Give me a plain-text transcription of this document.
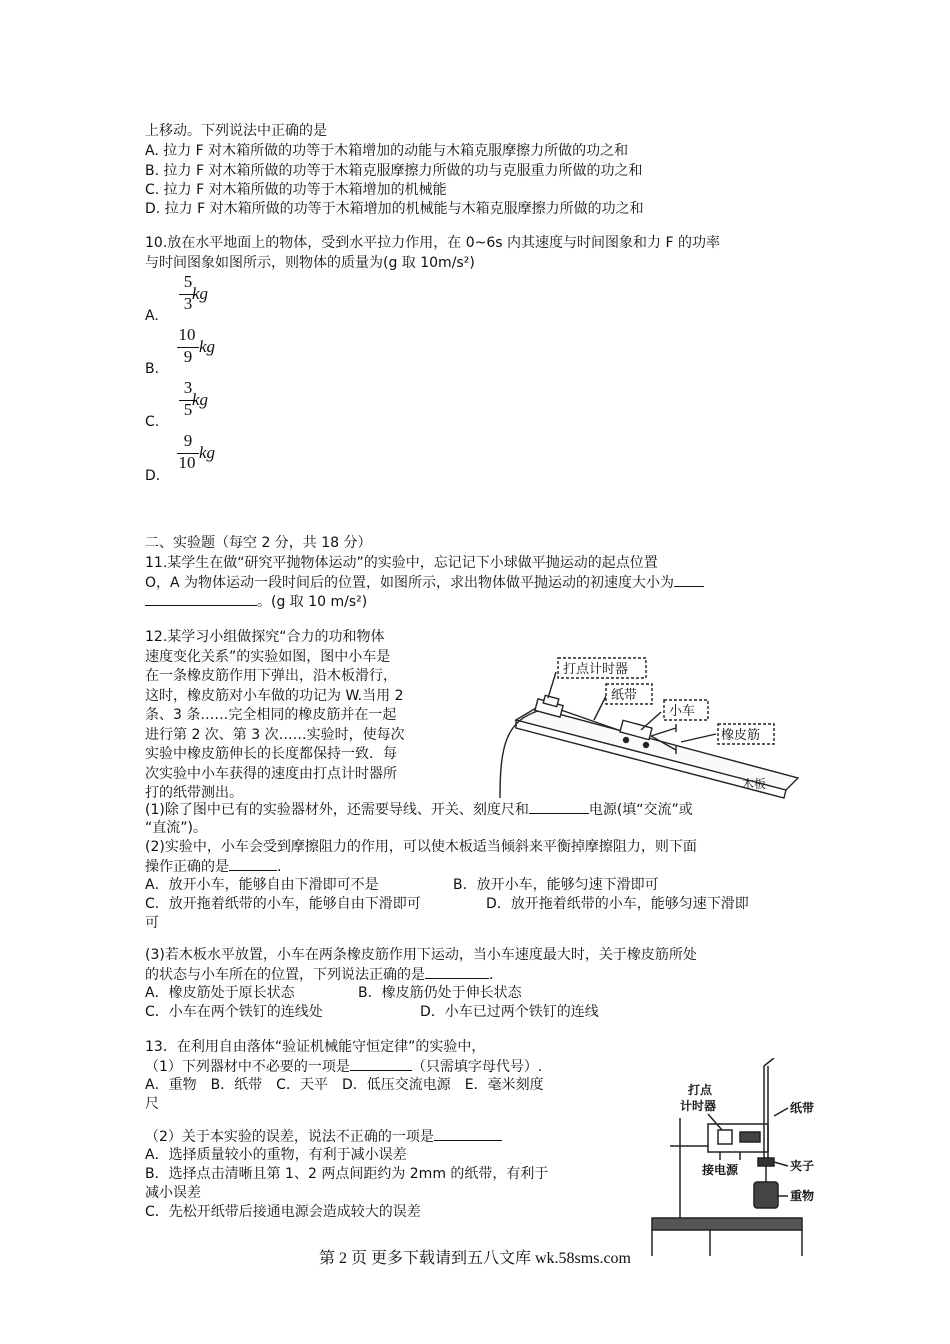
上移动。下列说法中正确的是
A. 拉力 F 对木箱所做的功等于木箱增加的动能与木箱克服摩擦力所做的功之和
B. 拉力 F 对木箱所做的功等于木箱克服摩擦力所做的功与克服重力所做的功之和
C. 拉力 F 对木箱所做的功等于木箱增加的机械能
D. 拉力 F 对木箱所做的功等于木箱增加的机械能与木箱克服摩擦力所做的功之和
10.放在水平地面上的物体，受到水平拉力作用，在 0~6s 内其速度与时间图象和力 F 的功率
与时间图象如图所示，则物体的质量为(g 取 10m/s²)
A.
5
3
kg
B.
10
9
kg
C.
3
5
kg
D.
9
10
kg
二、实验题（每空 2 分，共 18 分）
11.某学生在做“研究平抛物体运动”的实验中，忘记记下小球做平抛运动的起点位置
O，A 为物体运动一段时间后的位置，如图所示，求出物体做平抛运动的初速度大小为
。(g 取 10 m/s²)
12.某学习小组做探究“合力的功和物体
速度变化关系”的实验如图，图中小车是
在一条橡皮筋作用下弹出，沿木板滑行，
这时，橡皮筋对小车做的功记为 W.当用 2
条、3 条……完全相同的橡皮筋并在一起
进行第 2 次、第 3 次……实验时，使每次
实验中橡皮筋伸长的长度都保持一致．每
次实验中小车获得的速度由打点计时器所
打的纸带测出。
打点计时器
纸带
小车
橡皮筋
木板
(1)除了图中已有的实验器材外，还需要导线、开关、刻度尺和	电源(填“交流”或
“直流”)。
(2)实验中，小车会受到摩擦阻力的作用，可以使木板适当倾斜来平衡掉摩擦阻力，则下面
操作正确的是	.
A．放开小车，能够自由下滑即可不是	B．放开小车，能够匀速下滑即可
C．放开拖着纸带的小车，能够自由下滑即可	D．放开拖着纸带的小车，能够匀速下滑即
可
(3)若木板水平放置，小车在两条橡皮筋作用下运动，当小车速度最大时，关于橡皮筋所处
的状态与小车所在的位置，下列说法正确的是	.
A．橡皮筋处于原长状态	B．橡皮筋仍处于伸长状态
C．小车在两个铁钉的连线处	D．小车已过两个铁钉的连线
13．在利用自由落体“验证机械能守恒定律”的实验中，
（1）下列器材中不必要的一项是	（只需填字母代号）.
A．重物　B．纸带　C．天平　D．低压交流电源　E．毫米刻度
尺
（2）关于本实验的误差，说法不正确的一项是
A．选择质量较小的重物，有利于减小误差
B．选择点击清晰且第 1、2 两点间距约为 2mm 的纸带，有利于
减小误差
C．先松开纸带后接通电源会造成较大的误差
打点
计时器	纸带
接电源	夹子
重物
第 2 页 更多下载请到五八文库 wk.58sms.com
